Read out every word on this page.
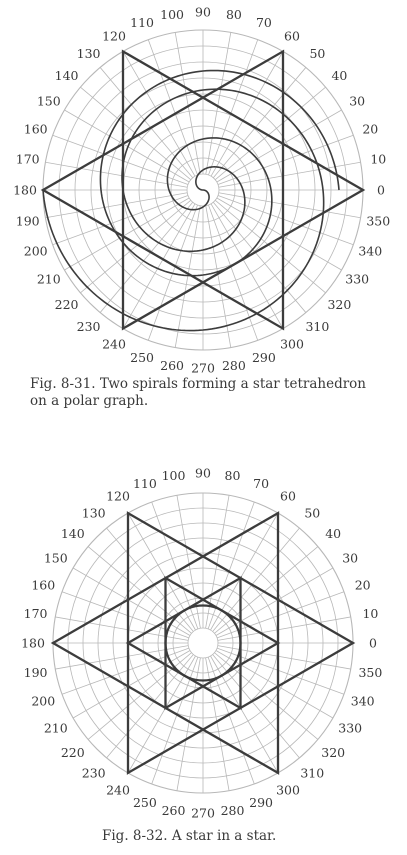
0
10
20
30
40
50
60
70
80
90
100
110
120
130
140
150
160
170
180
190
200
210
220
230
240
250
260 270 280
290
300
310
320
330
340
350
Fig. 8-31. Two spirals forming a star tetrahedron on a polar graph.
0
10
20
30
40
50
60
70
80
90
100
110
120
130
140
150
160
170
180
190
200
210
220
230
240
250
260 270 280
290
300
310
320
330
340
350
Fig. 8-32. A star in a star.
